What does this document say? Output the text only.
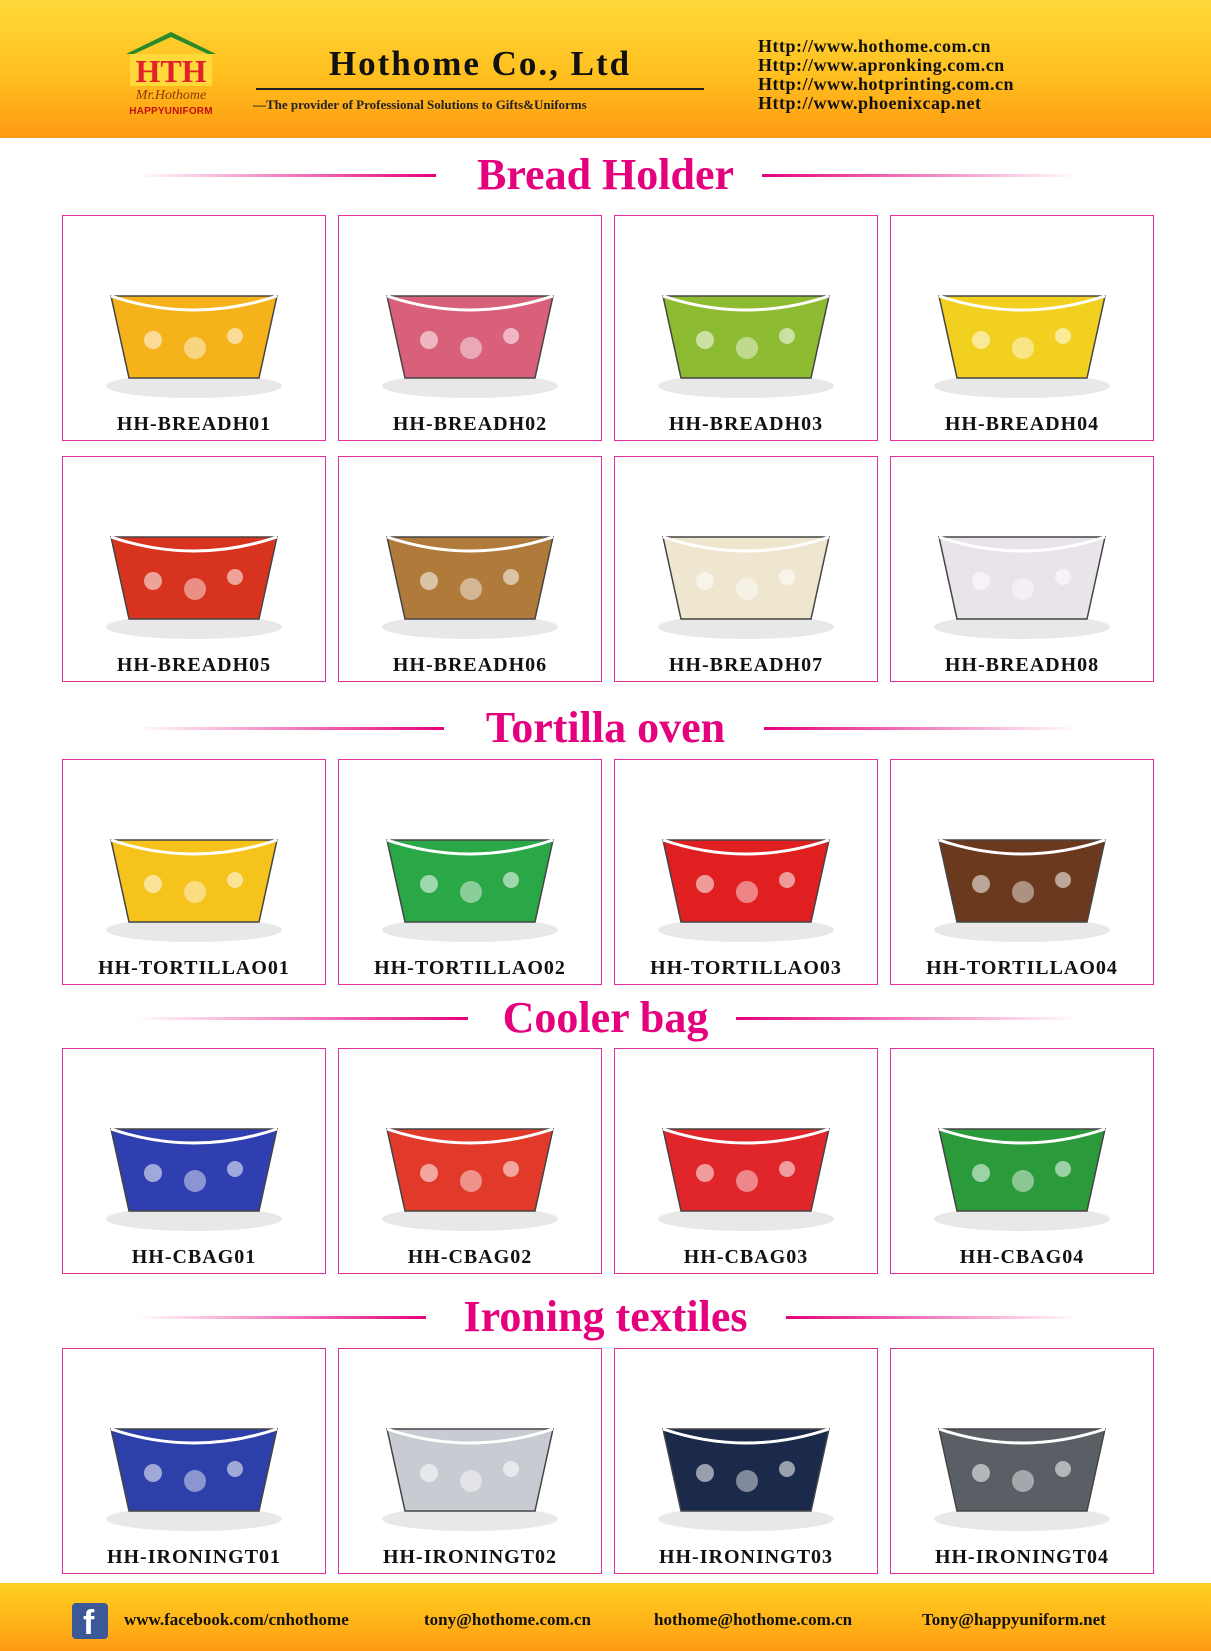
HTH
Mr.Hothome
HAPPYUNIFORM
Hothome Co., Ltd
—The provider of Professional Solutions to Gifts&Uniforms
Http://www.hothome.com.cn
Http://www.apronking.com.cn
Http://www.hotprinting.com.cn
Http://www.phoenixcap.net
Bread Holder
Tortilla oven
Cooler bag
Ironing textiles
HH-BREADH01	HH-BREADH02	HH-BREADH03	HH-BREADH04
HH-BREADH05	HH-BREADH06	HH-BREADH07	HH-BREADH08
HH-TORTILLAO01	HH-TORTILLAO02	HH-TORTILLAO03	HH-TORTILLAO04
HH-CBAG01	HH-CBAG02	HH-CBAG03	HH-CBAG04
HH-IRONINGT01	HH-IRONINGT02	HH-IRONINGT03	HH-IRONINGT04
f www.facebook.com/cnhothome	tony@hothome.com.cn	hothome@hothome.com.cn	Tony@happyuniform.net
